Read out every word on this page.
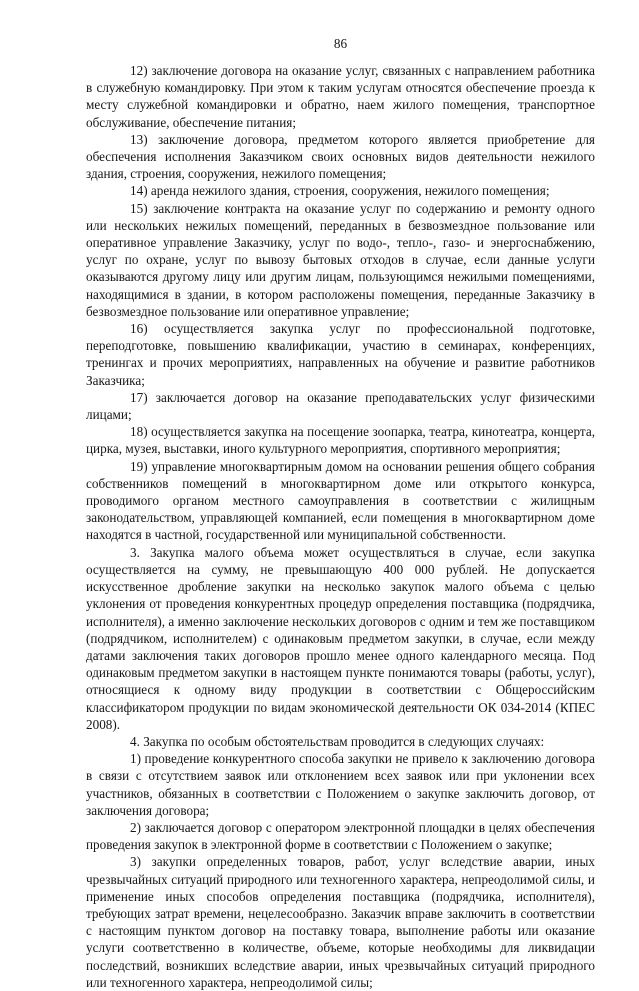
86

12) заключение договора на оказание услуг, связанных с направлением работника в служебную командировку. При этом к таким услугам относятся обеспечение проезда к месту служебной командировки и обратно, наем жилого помещения, транспортное обслуживание, обеспечение питания;

13) заключение договора, предметом которого является приобретение для обеспечения исполнения Заказчиком своих основных видов деятельности нежилого здания, строения, сооружения, нежилого помещения;

14) аренда нежилого здания, строения, сооружения, нежилого помещения;

15) заключение контракта на оказание услуг по содержанию и ремонту одного или нескольких нежилых помещений, переданных в безвозмездное пользование или оперативное управление Заказчику, услуг по водо-, тепло-, газо- и энергоснабжению, услуг по охране, услуг по вывозу бытовых отходов в случае, если данные услуги оказываются другому лицу или другим лицам, пользующимся нежилыми помещениями, находящимися в здании, в котором расположены помещения, переданные Заказчику в безвозмездное пользование или оперативное управление;

16) осуществляется закупка услуг по профессиональной подготовке, переподготовке, повышению квалификации, участию в семинарах, конференциях, тренингах и прочих мероприятиях, направленных на обучение и развитие работников Заказчика;

17) заключается договор на оказание преподавательских услуг физическими лицами;

18) осуществляется закупка на посещение зоопарка, театра, кинотеатра, концерта, цирка, музея, выставки, иного культурного мероприятия, спортивного мероприятия;

19) управление многоквартирным домом на основании решения общего собрания собственников помещений в многоквартирном доме или открытого конкурса, проводимого органом местного самоуправления в соответствии с жилищным законодательством, управляющей компанией, если помещения в многоквартирном доме находятся в частной, государственной или муниципальной собственности.

3. Закупка малого объема может осуществляться в случае, если закупка осуществляется на сумму, не превышающую 400 000 рублей. Не допускается искусственное дробление закупки на несколько закупок малого объема с целью уклонения от проведения конкурентных процедур определения поставщика (подрядчика, исполнителя), а именно заключение нескольких договоров с одним и тем же поставщиком (подрядчиком, исполнителем) с одинаковым предметом закупки, в случае, если между датами заключения таких договоров прошло менее одного календарного месяца. Под одинаковым предметом закупки в настоящем пункте понимаются товары (работы, услуг), относящиеся к одному виду продукции в соответствии с Общероссийским классификатором продукции по видам экономической деятельности ОК 034-2014 (КПЕС 2008).

4. Закупка по особым обстоятельствам проводится в следующих случаях:

1) проведение конкурентного способа закупки не привело к заключению договора в связи с отсутствием заявок или отклонением всех заявок или при уклонении всех участников, обязанных в соответствии с Положением о закупке заключить договор, от заключения договора;

2) заключается договор с оператором электронной площадки в целях обеспечения проведения закупок в электронной форме в соответствии с Положением о закупке;

3) закупки определенных товаров, работ, услуг вследствие аварии, иных чрезвычайных ситуаций природного или техногенного характера, непреодолимой силы, и применение иных способов определения поставщика (подрядчика, исполнителя), требующих затрат времени, нецелесообразно. Заказчик вправе заключить в соответствии с настоящим пунктом договор на поставку товара, выполнение работы или оказание услуги соответственно в количестве, объеме, которые необходимы для ликвидации последствий, возникших вследствие аварии, иных чрезвычайных ситуаций природного или техногенного характера, непреодолимой силы;
